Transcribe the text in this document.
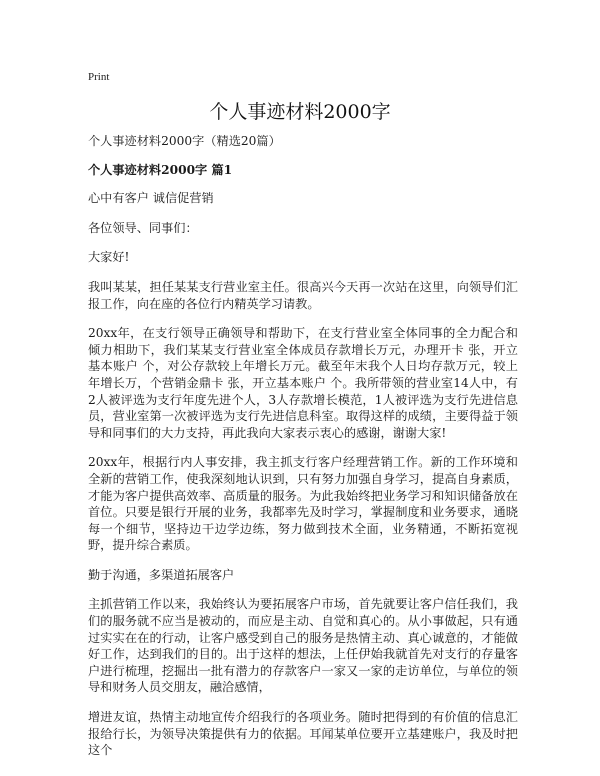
Print
个人事迹材料2000字

个人事迹材料2000字（精选20篇）

个人事迹材料2000字 篇1

心中有客户 诚信促营销

各位领导、同事们：

大家好!

我叫某某，担任某某支行营业室主任。很高兴今天再一次站在这里，向领导们汇报工作，向在座的各位行内精英学习请教。

20xx年，在支行领导正确领导和帮助下，在支行营业室全体同事的全力配合和倾力相助下，我们某某支行营业室全体成员存款增长万元，办理开卡 张，开立基本账户 个，对公存款较上年增长万元。截至年末我个人日均存款万元，较上年增长万，个营销金鼎卡 张，开立基本账户 个。我所带领的营业室14人中，有2人被评选为支行年度先进个人，3人存款增长模范，1人被评选为支行先进信息员，营业室第一次被评选为支行先进信息科室。取得这样的成绩，主要得益于领导和同事们的大力支持，再此我向大家表示衷心的感谢，谢谢大家!

20xx年，根据行内人事安排，我主抓支行客户经理营销工作。新的工作环境和全新的营销工作，使我深刻地认识到，只有努力加强自身学习，提高自身素质，才能为客户提供高效率、高质量的服务。为此我始终把业务学习和知识储备放在首位。只要是银行开展的业务，我都率先及时学习，掌握制度和业务要求，通晓每一个细节，坚持边干边学边练，努力做到技术全面，业务精通，不断拓宽视野，提升综合素质。

勤于沟通，多渠道拓展客户

主抓营销工作以来，我始终认为要拓展客户市场，首先就要让客户信任我们，我们的服务就不应当是被动的，而应是主动、自觉和真心的。从小事做起，只有通过实实在在的行动，让客户感受到自己的服务是热情主动、真心诚意的，才能做好工作，达到我们的目的。出于这样的想法，上任伊始我就首先对支行的存量客户进行梳理，挖掘出一批有潜力的存款客户一家又一家的走访单位，与单位的领导和财务人员交朋友，融洽感情，

增进友谊，热情主动地宣传介绍我行的各项业务。随时把得到的有价值的信息汇报给行长，为领导决策提供有力的依据。耳闻某单位要开立基建账户，我及时把这个
